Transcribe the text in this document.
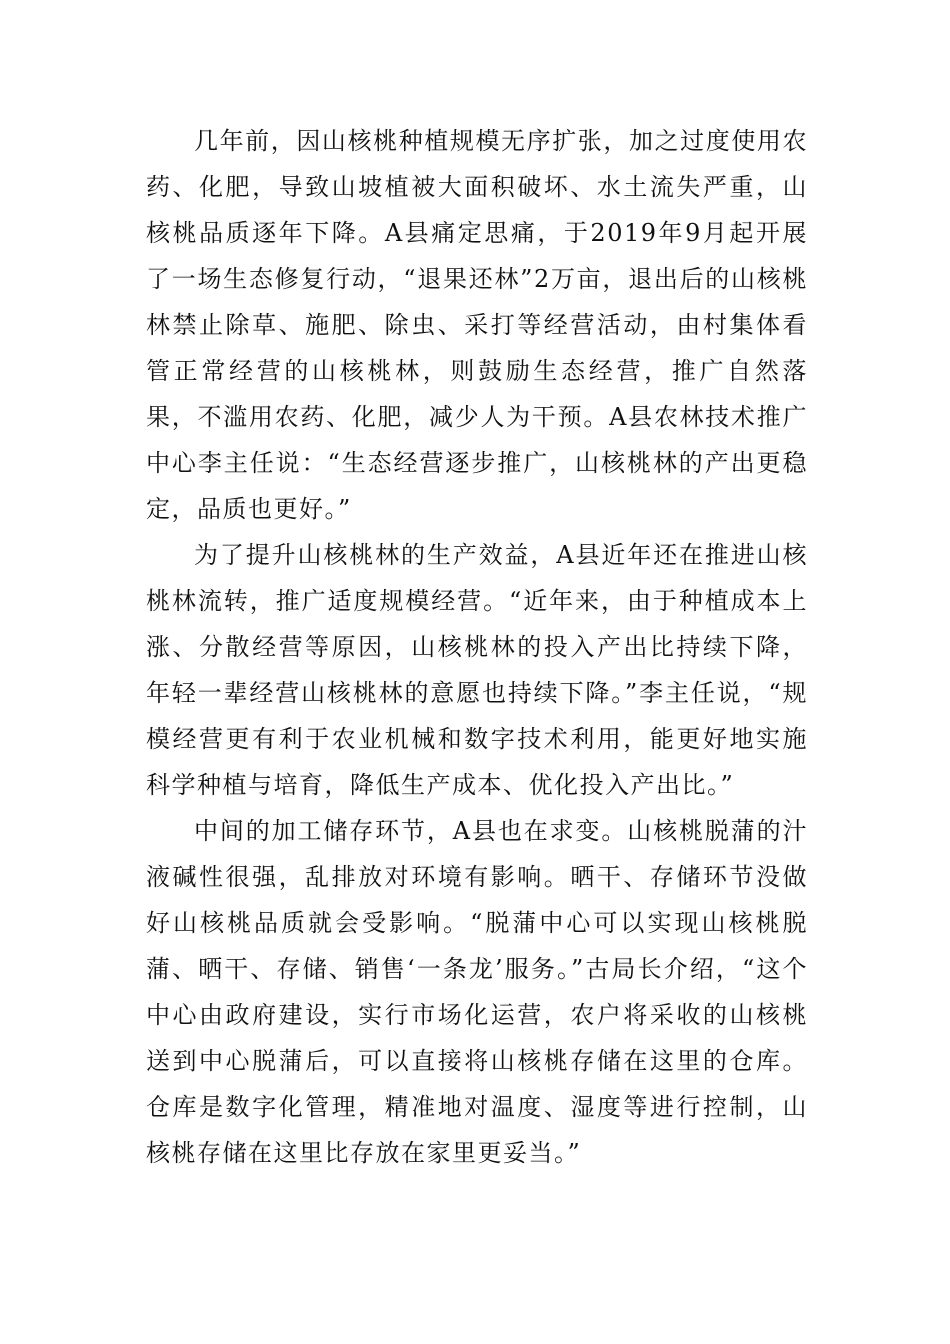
几年前，因山核桃种植规模无序扩张，加之过度使用农药、化肥，导致山坡植被大面积破坏、水土流失严重，山核桃品质逐年下降。A县痛定思痛，于2019年9月起开展了一场生态修复行动，“退果还林”2万亩，退出后的山核桃林禁止除草、施肥、除虫、采打等经营活动，由村集体看管正常经营的山核桃林，则鼓励生态经营，推广自然落果，不滥用农药、化肥，减少人为干预。A县农林技术推广中心李主任说：“生态经营逐步推广，山核桃林的产出更稳定，品质也更好。”

为了提升山核桃林的生产效益，A县近年还在推进山核桃林流转，推广适度规模经营。“近年来，由于种植成本上涨、分散经营等原因，山核桃林的投入产出比持续下降，年轻一辈经营山核桃林的意愿也持续下降。”李主任说，“规模经营更有利于农业机械和数字技术利用，能更好地实施科学种植与培育，降低生产成本、优化投入产出比。”

中间的加工储存环节，A县也在求变。山核桃脱蒲的汁液碱性很强，乱排放对环境有影响。晒干、存储环节没做好山核桃品质就会受影响。“脱蒲中心可以实现山核桃脱蒲、晒干、存储、销售‘一条龙’服务。”古局长介绍，“这个中心由政府建设，实行市场化运营，农户将采收的山核桃送到中心脱蒲后，可以直接将山核桃存储在这里的仓库。仓库是数字化管理，精准地对温度、湿度等进行控制，山核桃存储在这里比存放在家里更妥当。”
